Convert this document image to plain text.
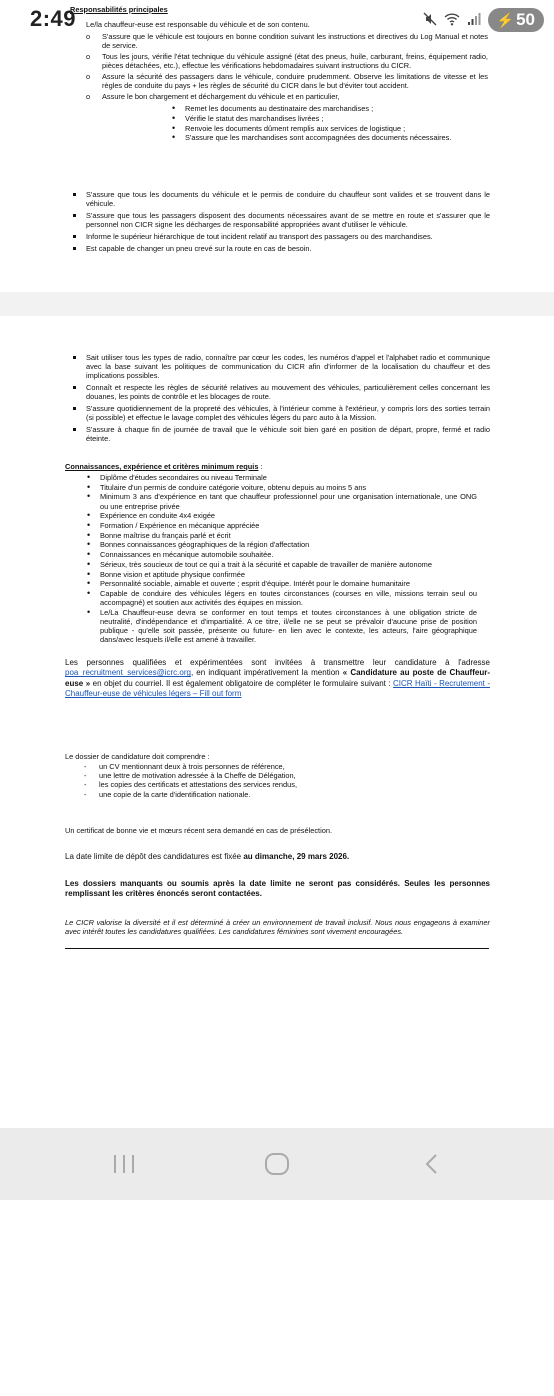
Responsabilités principales
Le/la chauffeur-euse est responsable du véhicule et de son contenu.
o S'assure que le véhicule est toujours en bonne condition suivant les instructions et directives du Log Manual et notes de service.
o Tous les jours, vérifie l'état technique du véhicule assigné (état des pneus, huile, carburant, freins, équipement radio, pièces détachées, etc.), effectue les vérifications hebdomadaires suivant instructions du CICR.
o Assure la sécurité des passagers dans le véhicule, conduire prudemment. Observe les limitations de vitesse et les règles de conduite du pays + les règles de sécurité du CICR dans le but d'éviter tout accident.
o Assure le bon chargement et déchargement du véhicule et en particulier,
• Remet les documents au destinataire des marchandises ;
• Vérifie le statut des marchandises livrées ;
• Renvoie les documents dûment remplis aux services de logistique ;
• S'assure que les marchandises sont accompagnées des documents nécessaires.
S'assure que tous les documents du véhicule et le permis de conduire du chauffeur sont valides et se trouvent dans le véhicule.
S'assure que tous les passagers disposent des documents nécessaires avant de se mettre en route et s'assurer que le personnel non CICR signe les décharges de responsabilité appropriées avant d'utiliser le véhicule.
Informe le supérieur hiérarchique de tout incident relatif au transport des passagers ou des marchandises.
Est capable de changer un pneu crevé sur la route en cas de besoin.
2:49	⚡ 50
Sait utiliser tous les types de radio, connaître par cœur les codes, les numéros d'appel et l'alphabet radio et communique avec la base suivant les politiques de communication du CICR afin d'informer de la localisation du chauffeur et des implications possibles.
Connaît et respecte les règles de sécurité relatives au mouvement des véhicules, particulièrement celles concernant les douanes, les points de contrôle et les blocages de route.
S'assure quotidiennement de la propreté des véhicules, à l'intérieur comme à l'extérieur, y compris lors des sorties terrain (si possible) et effectue le lavage complet des véhicules légers du parc auto à la Mission.
S'assure à chaque fin de journée de travail que le véhicule soit bien garé en position de départ, propre, fermé et radio éteinte.
Connaissances, expérience et critères minimum requis :
• Diplôme d'études secondaires ou niveau Terminale
• Titulaire d'un permis de conduire catégorie voiture, obtenu depuis au moins 5 ans
• Minimum 3 ans d'expérience en tant que chauffeur professionnel pour une organisation internationale, une ONG ou une entreprise privée
• Expérience en conduite 4x4 exigée
• Formation / Expérience en mécanique appréciée
• Bonne maîtrise du français parlé et écrit
• Bonnes connaissances géographiques de la région d'affectation
• Connaissances en mécanique automobile souhaitée.
• Sérieux, très soucieux de tout ce qui a trait à la sécurité et capable de travailler de manière autonome
• Bonne vision et aptitude physique confirmée
• Personnalité sociable, aimable et ouverte ; esprit d'équipe. Intérêt pour le domaine humanitaire
• Capable de conduire des véhicules légers en toutes circonstances (courses en ville, missions terrain seul ou accompagné) et soutien aux activités des équipes en mission.
• Le/La Chauffeur-euse devra se conformer en tout temps et toutes circonstances à une obligation stricte de neutralité, d'indépendance et d'impartialité. A ce titre, il/elle ne se peut se prévaloir d'aucune prise de position publique - qu'elle soit passée, présente ou future- en lien avec le contexte, les acteurs, l'aire géographique dans/avec lesquels il/elle est amené à travailler.
Les personnes qualifiées et expérimentées sont invitées à transmettre leur candidature à l'adresse poa_recruitment_services@icrc.org, en indiquant impérativement la mention « Candidature au poste de Chauffeur-euse » en objet du courriel. Il est également obligatoire de compléter le formulaire suivant : CICR Haïti - Recrutement - Chauffeur-euse de véhicules légers – Fill out form
Le dossier de candidature doit comprendre :
- un CV mentionnant deux à trois personnes de référence,
- une lettre de motivation adressée à la Cheffe de Délégation,
- les copies des certificats et attestations des services rendus,
- une copie de la carte d'identification nationale.
Un certificat de bonne vie et mœurs récent sera demandé en cas de présélection.
La date limite de dépôt des candidatures est fixée au dimanche, 29 mars 2026.
Les dossiers manquants ou soumis après la date limite ne seront pas considérés. Seules les personnes remplissant les critères énoncés seront contactées.
Le CICR valorise la diversité et il est déterminé à créer un environnement de travail inclusif. Nous nous engageons à examiner avec intérêt toutes les candidatures qualifiées. Les candidatures féminines sont vivement encouragées.
